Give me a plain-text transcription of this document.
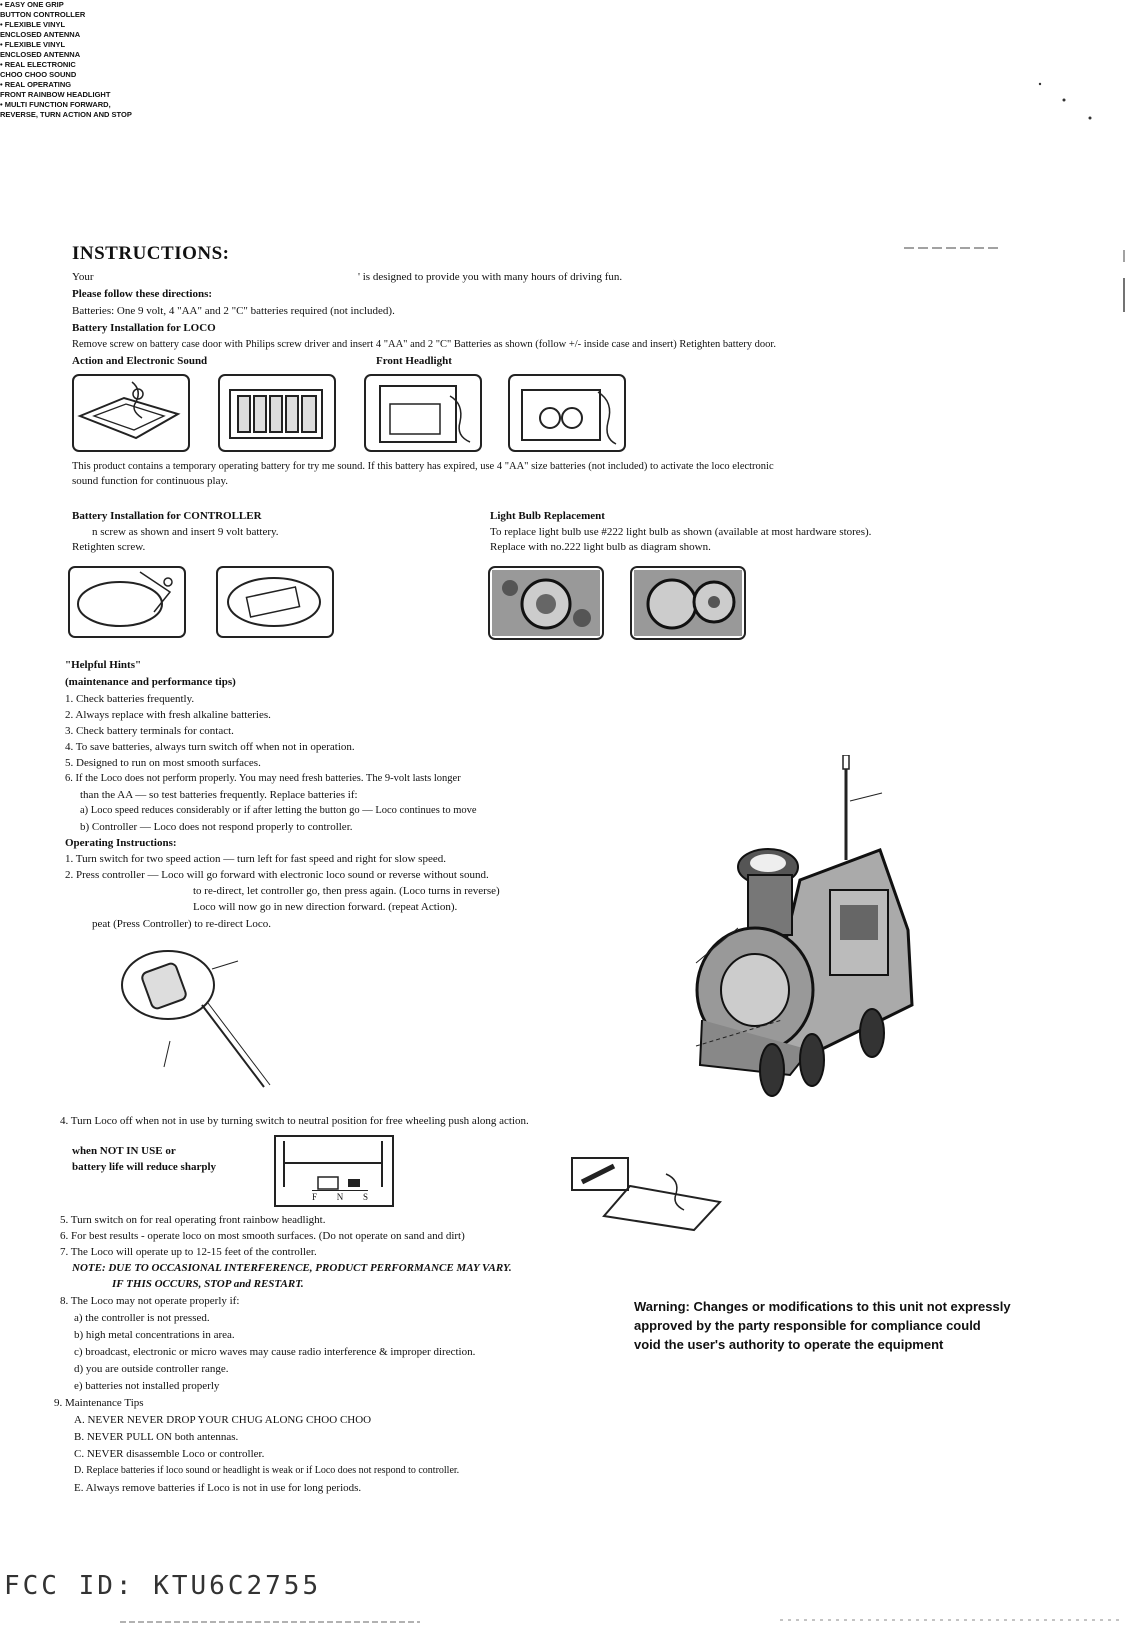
INSTRUCTIONS:
Your	' is designed to provide you with many hours of driving fun.
Please follow these directions:
Batteries: One 9 volt, 4 "AA" and 2 "C" batteries required (not included).
Battery Installation for LOCO
Remove screw on battery case door with Philips screw driver and insert 4 "AA" and 2 "C" Batteries as shown (follow +/- inside case and insert) Retighten battery door.
Action and Electronic Sound	Front Headlight
This product contains a temporary operating battery for try me sound. If this battery has expired, use 4 "AA" size batteries (not included) to activate the loco electronic
sound function for continuous play.
Battery Installation for CONTROLLER
n screw as shown and insert 9 volt battery.
Retighten screw.
Light Bulb Replacement
To replace light bulb use #222 light bulb as shown (available at most hardware stores).
Replace with no.222 light bulb as diagram shown.
"Helpful Hints"
(maintenance and performance tips)
1. Check batteries frequently.
2. Always replace with fresh alkaline batteries.
3. Check battery terminals for contact.
4. To save batteries, always turn switch off when not in operation.
5. Designed to run on most smooth surfaces.
6. If the Loco does not perform properly. You may need fresh batteries. The 9-volt lasts longer
than the AA — so test batteries frequently. Replace batteries if:
a) Loco speed reduces considerably or if after letting the button go — Loco continues to move
b) Controller — Loco does not respond properly to controller.
Operating Instructions:
1. Turn switch for two speed action — turn left for fast speed and right for slow speed.
2. Press controller — Loco will go forward with electronic loco sound or reverse without sound.
to re-direct, let controller go, then press again. (Loco turns in reverse)
Loco will now go in new direction forward. (repeat Action).
peat (Press Controller) to re-direct Loco.
• EASY ONE GRIP
BUTTON CONTROLLER
• FLEXIBLE VINYL
ENCLOSED ANTENNA
• FLEXIBLE VINYL
ENCLOSED ANTENNA
• REAL ELECTRONIC
CHOO CHOO SOUND
• REAL OPERATING
FRONT RAINBOW HEADLIGHT
• MULTI FUNCTION FORWARD,
REVERSE, TURN ACTION AND STOP
4. Turn Loco off when not in use by turning switch to neutral position for free wheeling push along action.
when NOT IN USE or
battery life will reduce sharply
F N S
5. Turn switch on for real operating front rainbow headlight.
6. For best results - operate loco on most smooth surfaces. (Do not operate on sand and dirt)
7. The Loco will operate up to 12-15 feet of the controller.
NOTE: DUE TO OCCASIONAL INTERFERENCE, PRODUCT PERFORMANCE MAY VARY.
IF THIS OCCURS, STOP and RESTART.
8. The Loco may not operate properly if:
a) the controller is not pressed.
b) high metal concentrations in area.
c) broadcast, electronic or micro waves may cause radio interference & improper direction.
d) you are outside controller range.
e) batteries not installed properly
9. Maintenance Tips
A. NEVER NEVER DROP YOUR CHUG ALONG CHOO CHOO
B. NEVER PULL ON both antennas.
C. NEVER disassemble Loco or controller.
D. Replace batteries if loco sound or headlight is weak or if Loco does not respond to controller.
E. Always remove batteries if Loco is not in use for long periods.
Warning: Changes or modifications to this unit not expressly
approved by the party responsible for compliance could
void the user's authority to operate the equipment
FCC ID: KTU6C2755
